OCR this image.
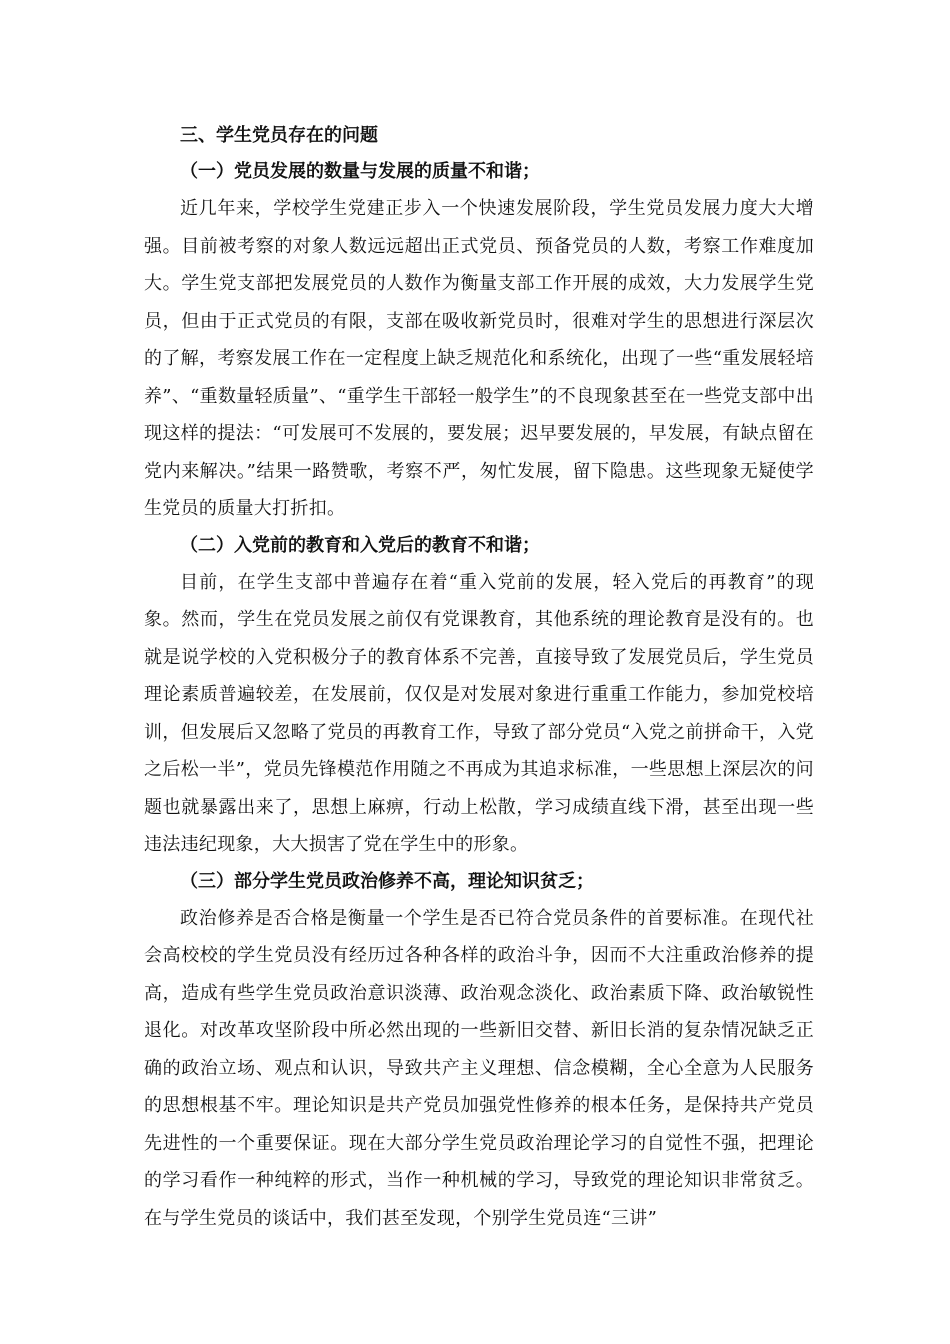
三、学生党员存在的问题
（一）党员发展的数量与发展的质量不和谐；

近几年来，学校学生党建正步入一个快速发展阶段，学生党员发展力度大大增强。目前被考察的对象人数远远超出正式党员、预备党员的人数，考察工作难度加大。学生党支部把发展党员的人数作为衡量支部工作开展的成效，大力发展学生党员，但由于正式党员的有限，支部在吸收新党员时，很难对学生的思想进行深层次的了解，考察发展工作在一定程度上缺乏规范化和系统化，出现了一些“重发展轻培养”、“重数量轻质量”、“重学生干部轻一般学生”的不良现象甚至在一些党支部中出现这样的提法：“可发展可不发展的，要发展；迟早要发展的，早发展，有缺点留在党内来解决。”结果一路赞歌，考察不严，匆忙发展，留下隐患。这些现象无疑使学生党员的质量大打折扣。

（二）入党前的教育和入党后的教育不和谐；

目前，在学生支部中普遍存在着“重入党前的发展，轻入党后的再教育”的现象。然而，学生在党员发展之前仅有党课教育，其他系统的理论教育是没有的。也就是说学校的入党积极分子的教育体系不完善，直接导致了发展党员后，学生党员理论素质普遍较差，在发展前，仅仅是对发展对象进行重重工作能力，参加党校培训，但发展后又忽略了党员的再教育工作，导致了部分党员“入党之前拼命干，入党之后松一半”，党员先锋模范作用随之不再成为其追求标准，一些思想上深层次的问题也就暴露出来了，思想上麻痹，行动上松散，学习成绩直线下滑，甚至出现一些违法违纪现象，大大损害了党在学生中的形象。

（三）部分学生党员政治修养不高，理论知识贫乏；

政治修养是否合格是衡量一个学生是否已符合党员条件的首要标准。在现代社会高校校的学生党员没有经历过各种各样的政治斗争，因而不大注重政治修养的提高，造成有些学生党员政治意识淡薄、政治观念淡化、政治素质下降、政治敏锐性退化。对改革攻坚阶段中所必然出现的一些新旧交替、新旧长消的复杂情况缺乏正确的政治立场、观点和认识，导致共产主义理想、信念模糊，全心全意为人民服务的思想根基不牢。理论知识是共产党员加强党性修养的根本任务，是保持共产党员先进性的一个重要保证。现在大部分学生党员政治理论学习的自觉性不强，把理论的学习看作一种纯粹的形式，当作一种机械的学习，导致党的理论知识非常贫乏。在与学生党员的谈话中，我们甚至发现，个别学生党员连“三讲”
